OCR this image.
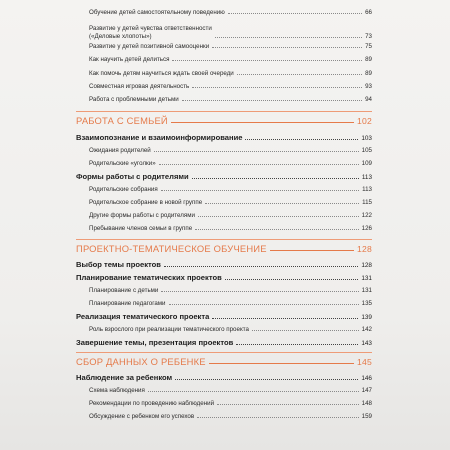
Обучение детей самостоятельному поведению	66
Развитие у детей чувства ответственности
(«Деловые хлопоты»)	73
Развитие у детей позитивной самооценки	75
Как научить детей делиться	89
Как помочь детям научиться ждать своей очереди	89
Совместная игровая деятельность	93
Работа с проблемными детьми	94
РАБОТА С СЕМЬЕЙ	102
Взаимопознание и взаимоинформирование	103
Ожидания родителей	105
Родительские «уголки»	109
Формы работы с родителями	113
Родительские собрания	113
Родительское собрание в новой группе	115
Другие формы работы с родителями	122
Пребывание членов семьи в группе	126
ПРОЕКТНО-ТЕМАТИЧЕСКОЕ ОБУЧЕНИЕ	128
Выбор темы проектов	128
Планирование тематических проектов	131
Планирование с детьми	131
Планирование педагогами	135
Реализация тематического проекта	139
Роль взрослого при реализации тематического проекта	142
Завершение темы, презентация проектов	143
СБОР ДАННЫХ О РЕБЕНКЕ	145
Наблюдение за ребенком	146
Схема наблюдения	147
Рекомендации по проведению наблюдений	148
Обсуждение с ребенком его успехов	159
